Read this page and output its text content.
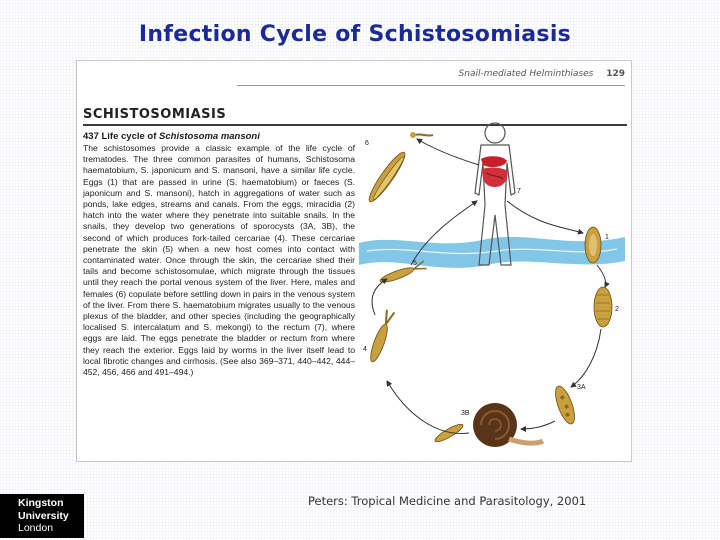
Infection Cycle of Schistosomiasis
Snail-mediated Helminthiases 129
SCHISTOSOMIASIS
437 Life cycle of Schistosoma mansoni
The schistosomes provide a classic example of the life cycle of trematodes. The three common parasites of humans, Schistosoma haematobium, S. japonicum and S. mansoni, have a similar life cycle. Eggs (1) that are passed in urine (S. haematobium) or faeces (S. japonicum and S. mansoni), hatch in aggregations of water such as ponds, lake edges, streams and canals. From the eggs, miracidia (2) hatch into the water where they penetrate into suitable snails. In the snails, they develop two generations of sporocysts (3A, 3B), the second of which produces fork-tailed cercariae (4). These cercariae penetrate the skin (5) when a new host comes into contact with contaminated water. Once through the skin, the cercariae shed their tails and become schistosomulae, which migrate through the tissues until they reach the portal venous system of the liver. Here, males and females (6) copulate before settling down in pairs in the venous system of the liver. From there S. haematobium migrates usually to the venous plexus of the bladder, and other species (including the geographically localised S. intercalatum and S. mekongi) to the rectum (7), where eggs are laid. The eggs penetrate the bladder or rectum from where they reach the exterior. Eggs laid by worms in the liver itself lead to local fibrotic changes and cirrhosis. (See also 369–371, 440–442, 444–452, 456, 466 and 491–494.)
1
2
3A
3B
4
5
6
7
Kingston
University
London
Peters: Tropical Medicine and Parasitology, 2001
